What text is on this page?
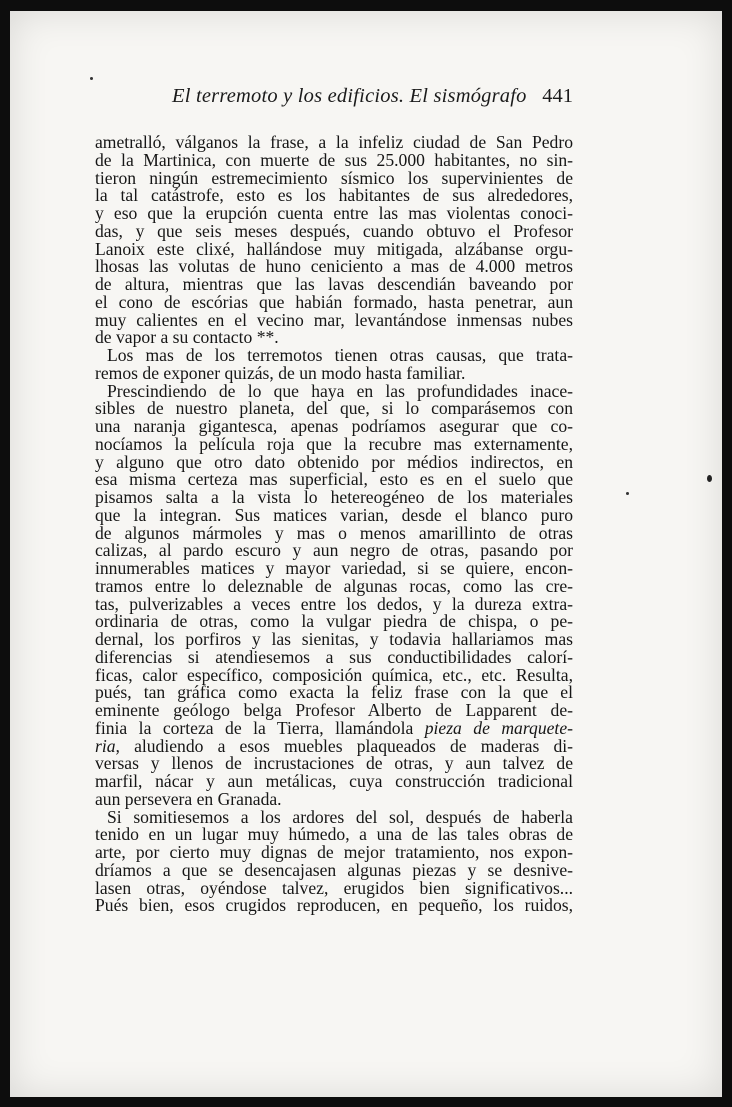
El terremoto y los edificios. El sismógrafo 441
ametralló, válganos la frase, a la infeliz ciudad de San Pedro
de la Martinica, con muerte de sus 25.000 habitantes, no sin-
tieron ningún estremecimiento sísmico los supervinientes de
la tal catástrofe, esto es los habitantes de sus alrededores,
y eso que la erupción cuenta entre las mas violentas conoci-
das, y que seis meses después, cuando obtuvo el Profesor
Lanoix este clixé, hallándose muy mitigada, alzábanse orgu-
lhosas las volutas de huno ceniciento a mas de 4.000 metros
de altura, mientras que las lavas descendián baveando por
el cono de escórias que habián formado, hasta penetrar, aun
muy calientes en el vecino mar, levantándose inmensas nubes
de vapor a su contacto **.
Los mas de los terremotos tienen otras causas, que trata-
remos de exponer quizás, de un modo hasta familiar.
Prescindiendo de lo que haya en las profundidades inace-
sibles de nuestro planeta, del que, si lo comparásemos con
una naranja gigantesca, apenas podríamos asegurar que co-
nocíamos la película roja que la recubre mas externamente,
y alguno que otro dato obtenido por médios indirectos, en
esa misma certeza mas superficial, esto es en el suelo que
pisamos salta a la vista lo hetereogéneo de los materiales
que la integran. Sus matices varian, desde el blanco puro
de algunos mármoles y mas o menos amarillinto de otras
calizas, al pardo escuro y aun negro de otras, pasando por
innumerables matices y mayor variedad, si se quiere, encon-
tramos entre lo deleznable de algunas rocas, como las cre-
tas, pulverizables a veces entre los dedos, y la dureza extra-
ordinaria de otras, como la vulgar piedra de chispa, o pe-
dernal, los porfiros y las sienitas, y todavia hallariamos mas
diferencias si atendiesemos a sus conductibilidades calorí-
ficas, calor específico, composición química, etc., etc. Resulta,
pués, tan gráfica como exacta la feliz frase con la que el
eminente geólogo belga Profesor Alberto de Lapparent de-
finia la corteza de la Tierra, llamándola pieza de marquete-
ria, aludiendo a esos muebles plaqueados de maderas di-
versas y llenos de incrustaciones de otras, y aun talvez de
marfil, nácar y aun metálicas, cuya construcción tradicional
aun persevera en Granada.
Si somitiesemos a los ardores del sol, después de haberla
tenido en un lugar muy húmedo, a una de las tales obras de
arte, por cierto muy dignas de mejor tratamiento, nos expon-
dríamos a que se desencajasen algunas piezas y se desnive-
lasen otras, oyéndose talvez, erugidos bien significativos...
Pués bien, esos crugidos reproducen, en pequeño, los ruidos,
